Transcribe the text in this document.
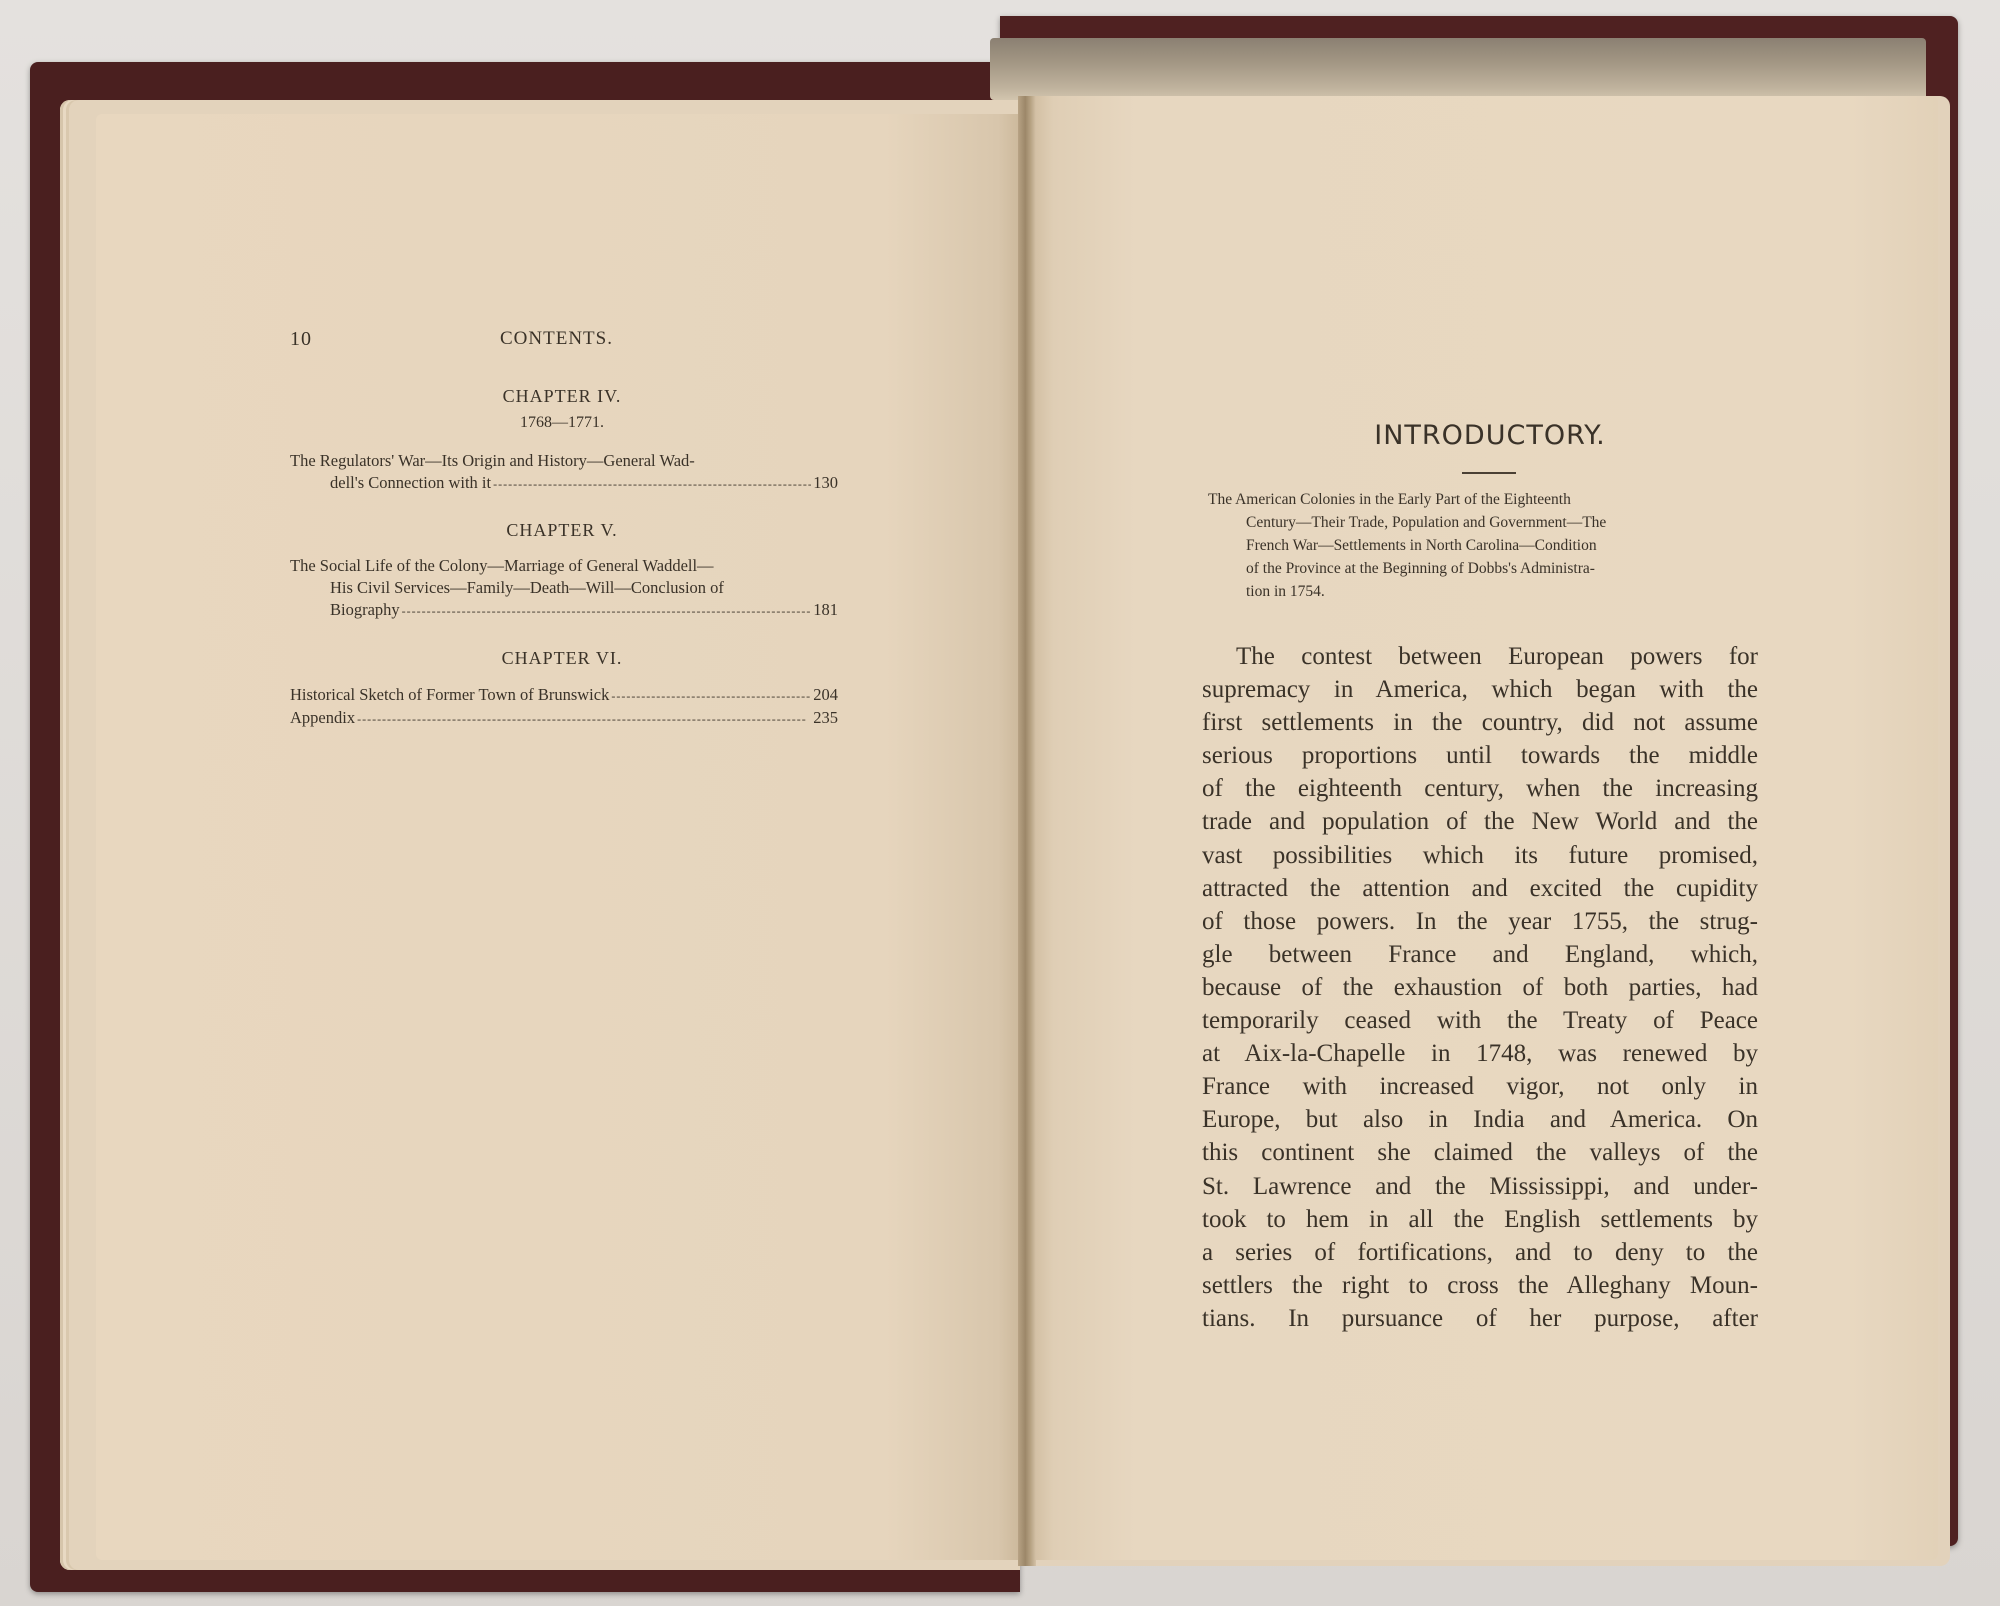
10	CONTENTS.
CHAPTER IV.
1768—1771.
The Regulators' War—Its Origin and History—General Wad-
dell's Connection with it - - -	130
CHAPTER V.
The Social Life of the Colony—Marriage of General Waddell—
His Civil Services—Family—Death—Will—Conclusion of
Biography - - -	181
CHAPTER VI.
Historical Sketch of Former Town of Brunswick - - -	204
Appendix - - -	235
INTRODUCTORY.
The American Colonies in the Early Part of the Eighteenth
Century—Their Trade, Population and Government—The
French War—Settlements in North Carolina—Condition
of the Province at the Beginning of Dobbs's Administra-
tion in 1754.
The contest between European powers for
supremacy in America, which began with the
first settlements in the country, did not assume
serious proportions until towards the middle
of the eighteenth century, when the increasing
trade and population of the New World and the
vast possibilities which its future promised,
attracted the attention and excited the cupidity
of those powers. In the year 1755, the strug-
gle between France and England, which,
because of the exhaustion of both parties, had
temporarily ceased with the Treaty of Peace
at Aix-la-Chapelle in 1748, was renewed by
France with increased vigor, not only in
Europe, but also in India and America. On
this continent she claimed the valleys of the
St. Lawrence and the Mississippi, and under-
took to hem in all the English settlements by
a series of fortifications, and to deny to the
settlers the right to cross the Alleghany Moun-
tians. In pursuance of her purpose, after
